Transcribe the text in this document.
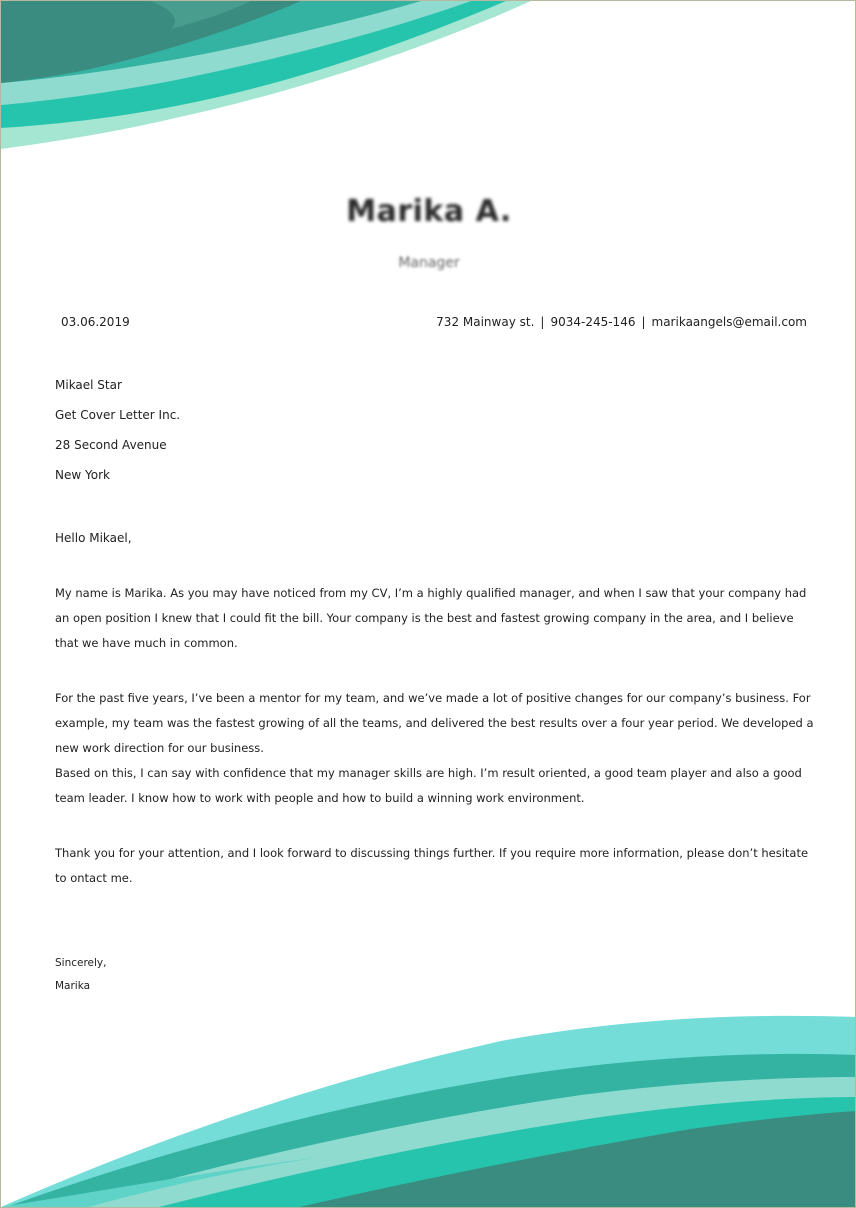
Marika A.
Manager
03.06.2019	732 Mainway st. | 9034-245-146 | marikaangels@email.com
Mikael Star
Get Cover Letter Inc.
28 Second Avenue
New York
Hello Mikael,
My name is Marika. As you may have noticed from my CV, I’m a highly qualified manager, and when I saw that your company had an open position I knew that I could fit the bill. Your company is the best and fastest growing company in the area, and I believe that we have much in common.
For the past five years, I’ve been a mentor for my team, and we’ve made a lot of positive changes for our company’s business. For example, my team was the fastest growing of all the teams, and delivered the best results over a four year period. We developed a new work direction for our business.
Based on this, I can say with confidence that my manager skills are high. I’m result oriented, a good team player and also a good team leader. I know how to work with people and how to build a winning work environment.
Thank you for your attention, and I look forward to discussing things further. If you require more information, please don’t hesitate to ontact me.
Sincerely,
Marika
